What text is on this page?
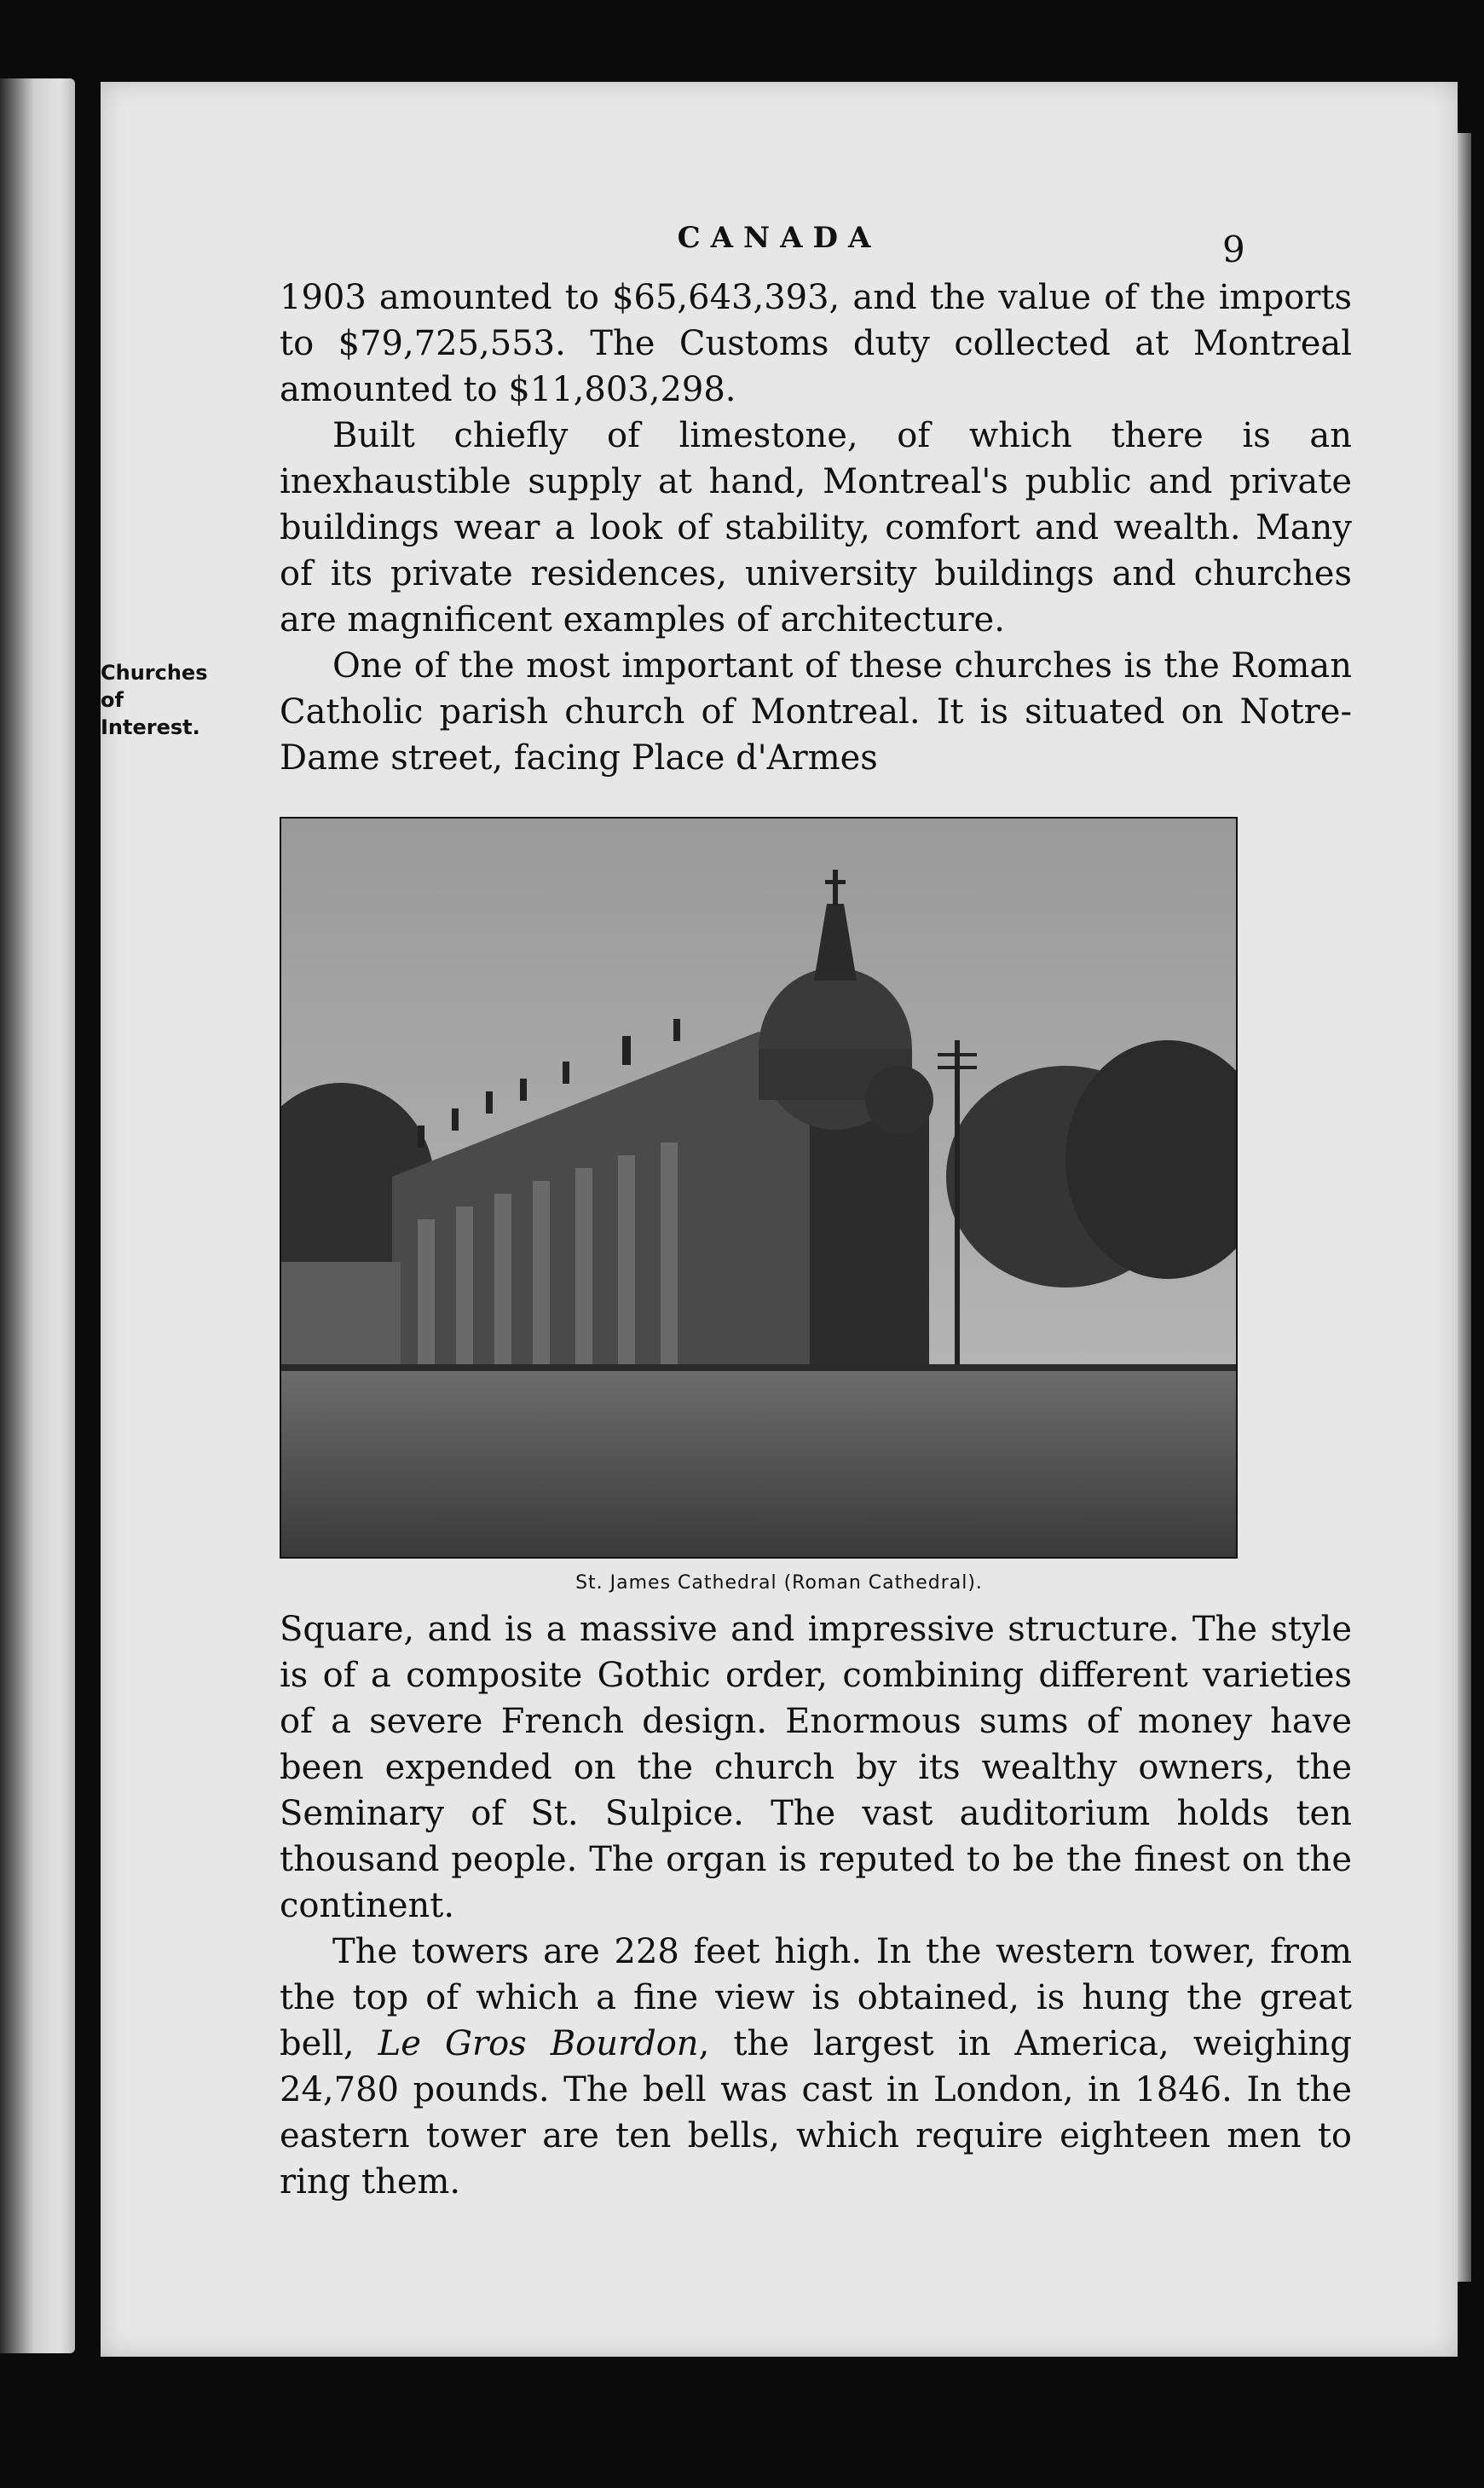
CANADA	9

1903 amounted to $65,643,393, and the value of the imports to $79,725,553. The Customs duty collected at Montreal amounted to $11,803,298.

Built chiefly of limestone, of which there is an inexhaustible supply at hand, Montreal's public and private buildings wear a look of stability, comfort and wealth. Many of its private residences, university buildings and churches are magnificent examples of architecture.

One of the most important of these churches is the Roman Catholic parish church of Montreal. It is situated on Notre-Dame street, facing Place d'Armes

Churches of
Interest.
St. James Cathedral (Roman Cathedral).

Square, and is a massive and impressive structure. The style is of a composite Gothic order, combining different varieties of a severe French design. Enormous sums of money have been expended on the church by its wealthy owners, the Seminary of St. Sulpice. The vast auditorium holds ten thousand people. The organ is reputed to be the finest on the continent.

The towers are 228 feet high. In the western tower, from the top of which a fine view is obtained, is hung the great bell, Le Gros Bourdon, the largest in America, weighing 24,780 pounds. The bell was cast in London, in 1846. In the eastern tower are ten bells, which require eighteen men to ring them.
